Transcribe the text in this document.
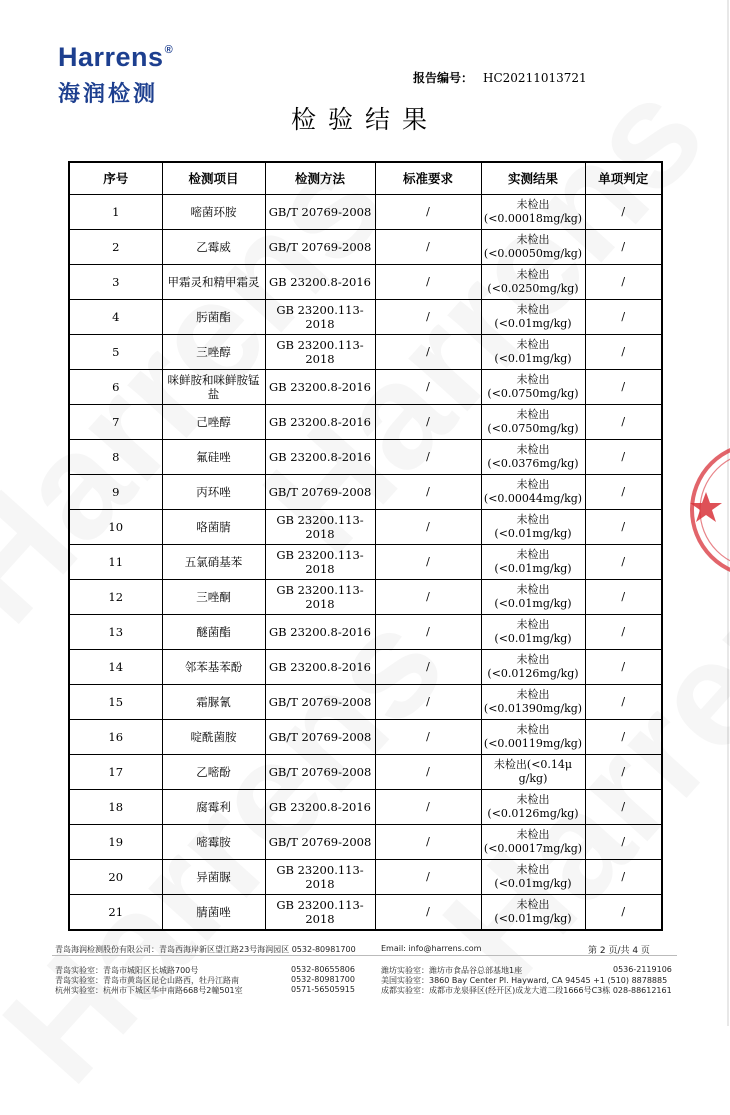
Harrens®
海润检测
报告编号： HC20211013721
检验结果
序号	检测项目	检测方法	标准要求	实测结果	单项判定
1	嘧菌环胺	GB/T 20769-2008	/	未检出
(<0.00018mg/kg)	/
2	乙霉威	GB/T 20769-2008	/	未检出
(<0.00050mg/kg)	/
3	甲霜灵和精甲霜灵	GB 23200.8-2016	/	未检出
(<0.0250mg/kg)	/
4	肟菌酯	GB 23200.113-2018	/	未检出
(<0.01mg/kg)	/
5	三唑醇	GB 23200.113-2018	/	未检出
(<0.01mg/kg)	/
6	咪鲜胺和咪鲜胺锰盐	GB 23200.8-2016	/	未检出
(<0.0750mg/kg)	/
7	己唑醇	GB 23200.8-2016	/	未检出
(<0.0750mg/kg)	/
8	氟硅唑	GB 23200.8-2016	/	未检出
(<0.0376mg/kg)	/
9	丙环唑	GB/T 20769-2008	/	未检出
(<0.00044mg/kg)	/
10	咯菌腈	GB 23200.113-2018	/	未检出
(<0.01mg/kg)	/
11	五氯硝基苯	GB 23200.113-2018	/	未检出
(<0.01mg/kg)	/
12	三唑酮	GB 23200.113-2018	/	未检出
(<0.01mg/kg)	/
13	醚菌酯	GB 23200.8-2016	/	未检出
(<0.01mg/kg)	/
14	邻苯基苯酚	GB 23200.8-2016	/	未检出
(<0.0126mg/kg)	/
15	霜脲氰	GB/T 20769-2008	/	未检出
(<0.01390mg/kg)	/
16	啶酰菌胺	GB/T 20769-2008	/	未检出
(<0.00119mg/kg)	/
17	乙嘧酚	GB/T 20769-2008	/	未检出(<0.14μ
g/kg)	/
18	腐霉利	GB 23200.8-2016	/	未检出
(<0.0126mg/kg)	/
19	嘧霉胺	GB/T 20769-2008	/	未检出
(<0.00017mg/kg)	/
20	异菌脲	GB 23200.113-2018	/	未检出
(<0.01mg/kg)	/
21	腈菌唑	GB 23200.113-2018	/	未检出
(<0.01mg/kg)	/
青岛海润检测股份有限公司：青岛西海岸新区望江路23号海润园区 0532-80981700	Email: info@harrens.com	第 2 页/共 4 页
青岛实验室：青岛市城阳区长城路700号	0532-80655806
青岛实验室：青岛市黄岛区昆仑山路西，牡丹江路南	0532-80981700
杭州实验室：杭州市下城区华中南路668号2幢501室	0571-56505915
潍坊实验室：潍坊市食品谷总部基地1座	0536-2119106
美国实验室：3860 Bay Center Pl. Hayward, CA 94545 +1 (510) 8878885
成都实验室：成都市龙泉驿区(经开区)成龙大道二段1666号C3栋 028-88612161
